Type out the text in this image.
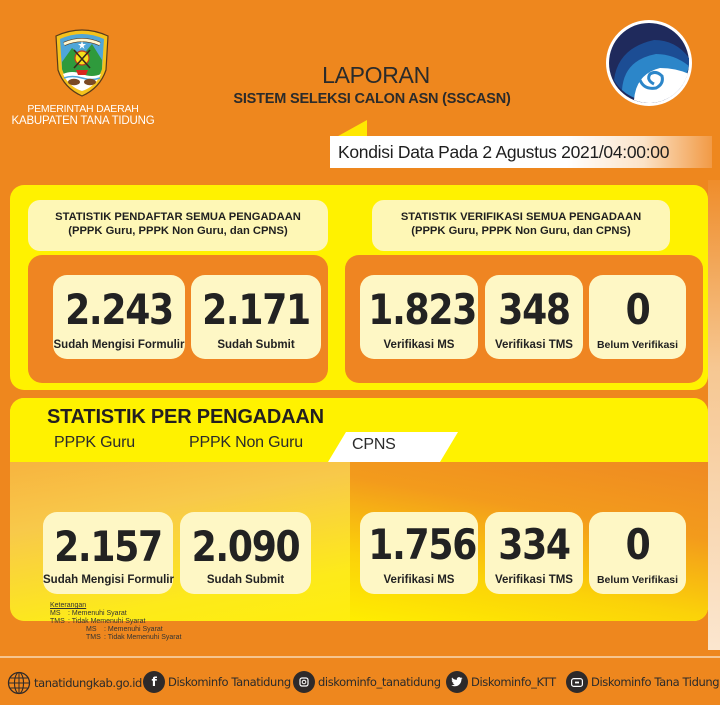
PEMERINTAH DAERAH
KABUPATEN TANA TIDUNG
LAPORAN
SISTEM SELEKSI CALON ASN (SSCASN)
Kondisi Data Pada 2 Agustus 2021/04:00:00
STATISTIK PENDAFTAR SEMUA PENGADAAN
(PPPK Guru, PPPK Non Guru, dan CPNS)
STATISTIK VERIFIKASI SEMUA PENGADAAN
(PPPK Guru, PPPK Non Guru, dan CPNS)
2.243
Sudah Mengisi Formulir
2.171
Sudah Submit
1.823
Verifikasi MS
348
Verifikasi TMS
0
Belum Verifikasi
STATISTIK PER PENGADAAN
PPPK Guru	PPPK Non Guru	CPNS
2.157
Sudah Mengisi Formulir
2.090
Sudah Submit
1.756
Verifikasi MS
334
Verifikasi TMS
0
Belum Verifikasi
Keterangan
MS : Memenuhi Syarat
TMS : Tidak Memenuhi Syarat
MS : Memenuhi Syarat
TMS : Tidak Memenuhi Syarat
tanatidungkab.go.id f	Diskominfo Tanatidung diskominfo_tanatidung	Diskominfo_KTT	Diskominfo Tana Tidung
